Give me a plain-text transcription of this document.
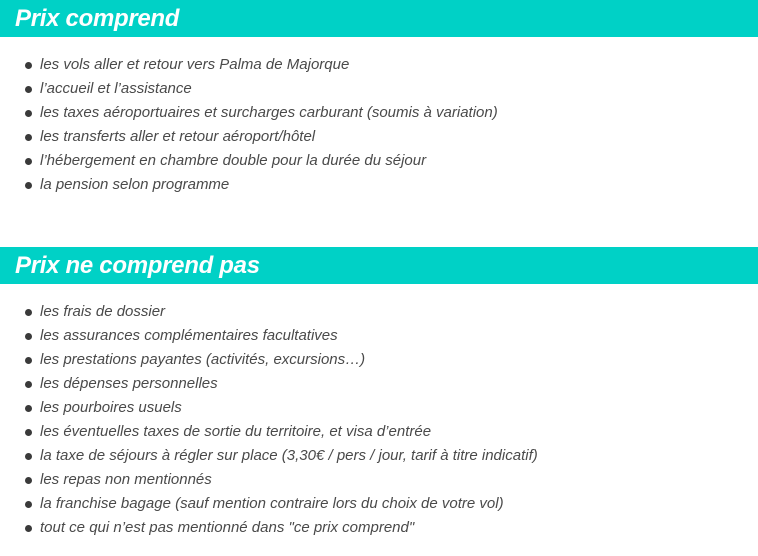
Prix comprend
les vols aller et retour vers Palma de Majorque
l’accueil et l’assistance
les taxes aéroportuaires et surcharges carburant (soumis à variation)
les transferts aller et retour aéroport/hôtel
l’hébergement en chambre double pour la durée du séjour
la pension selon programme
Prix ne comprend pas
les frais de dossier
les assurances complémentaires facultatives
les prestations payantes (activités, excursions…)
les dépenses personnelles
les pourboires usuels
les éventuelles taxes de sortie du territoire, et visa d’entrée
la taxe de séjours à régler sur place (3,30€ / pers / jour, tarif à titre indicatif)
les repas non mentionnés
la franchise bagage (sauf mention contraire lors du choix de votre vol)
tout ce qui n’est pas mentionné dans "ce prix comprend"
